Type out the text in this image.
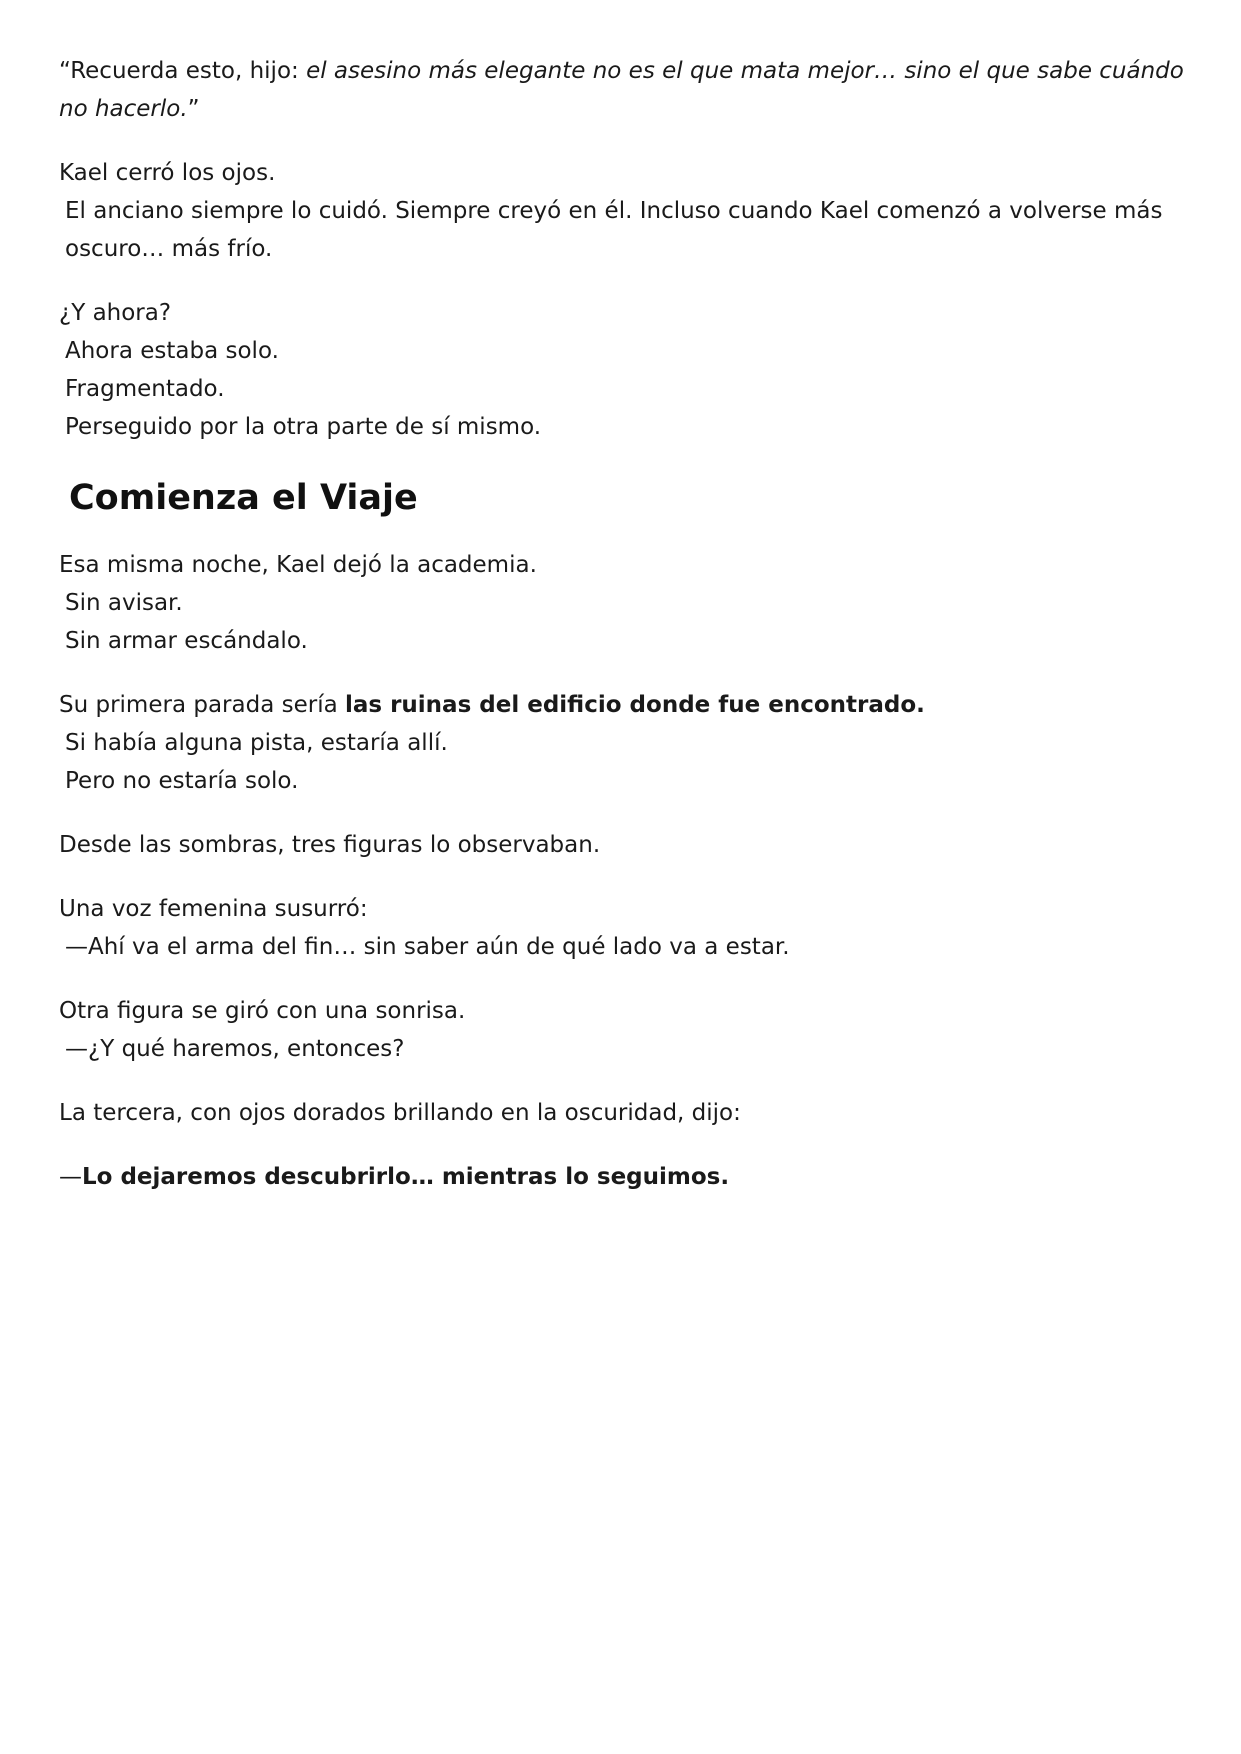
“Recuerda esto, hijo: el asesino más elegante no es el que mata mejor… sino el que sabe cuándo no hacerlo.”

Kael cerró los ojos.
El anciano siempre lo cuidó. Siempre creyó en él. Incluso cuando Kael comenzó a volverse más oscuro… más frío.

¿Y ahora?
Ahora estaba solo.
Fragmentado.
Perseguido por la otra parte de sí mismo.

Comienza el Viaje

Esa misma noche, Kael dejó la academia.
Sin avisar.
Sin armar escándalo.

Su primera parada sería las ruinas del edificio donde fue encontrado.
Si había alguna pista, estaría allí.
Pero no estaría solo.

Desde las sombras, tres figuras lo observaban.

Una voz femenina susurró:
—Ahí va el arma del fin… sin saber aún de qué lado va a estar.

Otra figura se giró con una sonrisa.
—¿Y qué haremos, entonces?

La tercera, con ojos dorados brillando en la oscuridad, dijo:

—Lo dejaremos descubrirlo… mientras lo seguimos.
